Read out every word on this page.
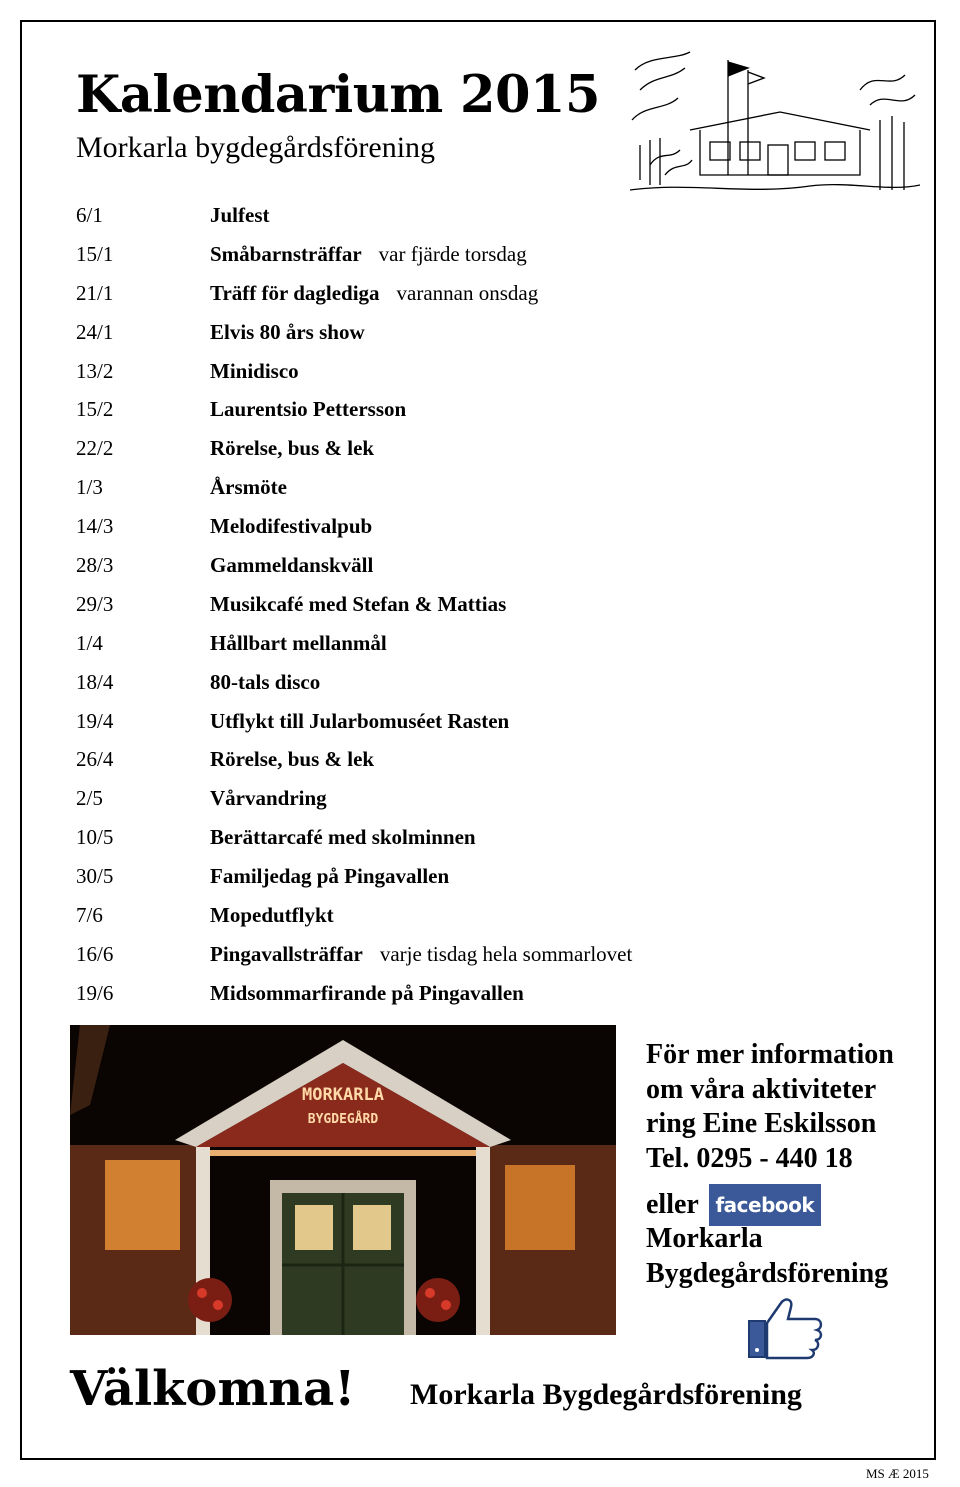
Kalendarium 2015
Morkarla bygdegårdsförening
6/1	Julfest
15/1	Småbarnsträffar var fjärde torsdag
21/1	Träff för daglediga varannan onsdag
24/1	Elvis 80 års show
13/2	Minidisco
15/2	Laurentsio Pettersson
22/2	Rörelse, bus & lek
1/3	Årsmöte
14/3	Melodifestivalpub
28/3	Gammeldanskväll
29/3	Musikcafé med Stefan & Mattias
1/4	Hållbart mellanmål
18/4	80-tals disco
19/4	Utflykt till Jularbomuséet Rasten
26/4	Rörelse, bus & lek
2/5	Vårvandring
10/5	Berättarcafé med skolminnen
30/5	Familjedag på Pingavallen
7/6	Mopedutflykt
16/6	Pingavallsträffar varje tisdag hela sommarlovet
19/6	Midsommarfirande på Pingavallen
MORKARLA
BYGDEGÅRD
För mer information
om våra aktiviteter
ring Eine Eskilsson
Tel. 0295 - 440 18
eller facebook
Morkarla
Bygdegårdsförening
Välkomna! Morkarla Bygdegårdsförening
MS Æ 2015
